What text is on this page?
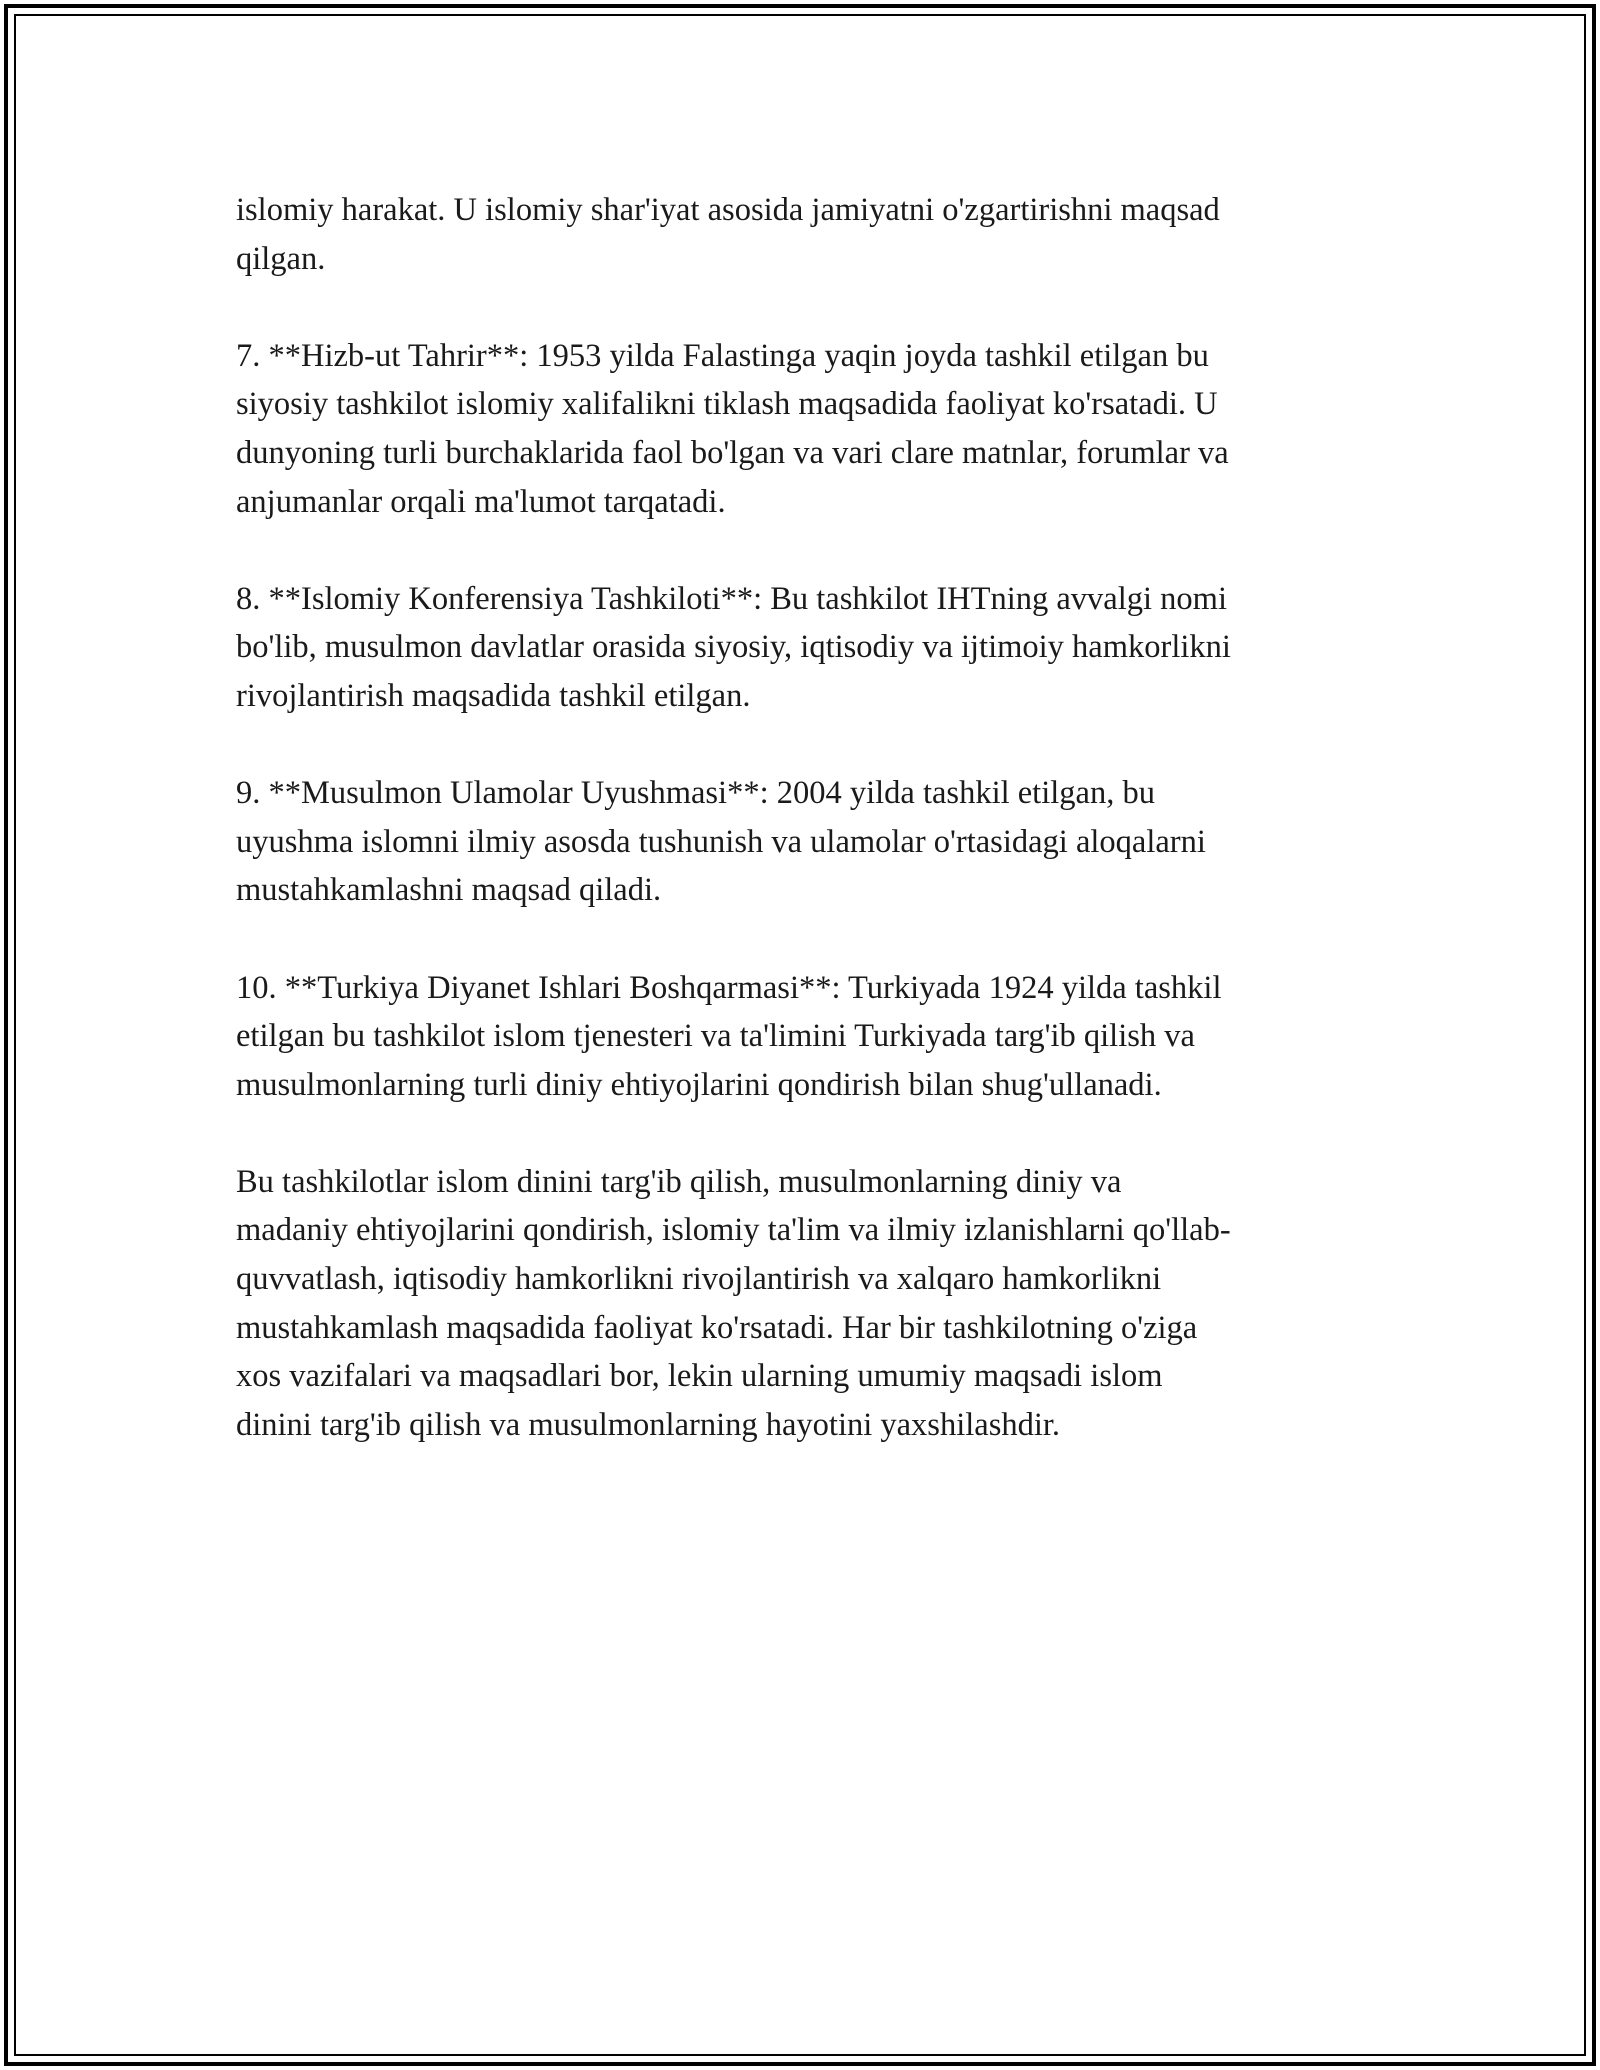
islomiy harakat. U islomiy shar'iyat asosida jamiyatni o'zgartirishni maqsad
qilgan.

7. **Hizb-ut Tahrir**: 1953 yilda Falastinga yaqin joyda tashkil etilgan bu
siyosiy tashkilot islomiy xalifalikni tiklash maqsadida faoliyat ko'rsatadi. U
dunyoning turli burchaklarida faol bo'lgan va vari clare matnlar, forumlar va
anjumanlar orqali ma'lumot tarqatadi.

8. **Islomiy Konferensiya Tashkiloti**: Bu tashkilot IHTning avvalgi nomi
bo'lib, musulmon davlatlar orasida siyosiy, iqtisodiy va ijtimoiy hamkorlikni
rivojlantirish maqsadida tashkil etilgan.

9. **Musulmon Ulamolar Uyushmasi**: 2004 yilda tashkil etilgan, bu
uyushma islomni ilmiy asosda tushunish va ulamolar o'rtasidagi aloqalarni
mustahkamlashni maqsad qiladi.

10. **Turkiya Diyanet Ishlari Boshqarmasi**: Turkiyada 1924 yilda tashkil
etilgan bu tashkilot islom tjenesteri va ta'limini Turkiyada targ'ib qilish va
musulmonlarning turli diniy ehtiyojlarini qondirish bilan shug'ullanadi.

Bu tashkilotlar islom dinini targ'ib qilish, musulmonlarning diniy va
madaniy ehtiyojlarini qondirish, islomiy ta'lim va ilmiy izlanishlarni qo'llab-
quvvatlash, iqtisodiy hamkorlikni rivojlantirish va xalqaro hamkorlikni
mustahkamlash maqsadida faoliyat ko'rsatadi. Har bir tashkilotning o'ziga
xos vazifalari va maqsadlari bor, lekin ularning umumiy maqsadi islom
dinini targ'ib qilish va musulmonlarning hayotini yaxshilashdir.
